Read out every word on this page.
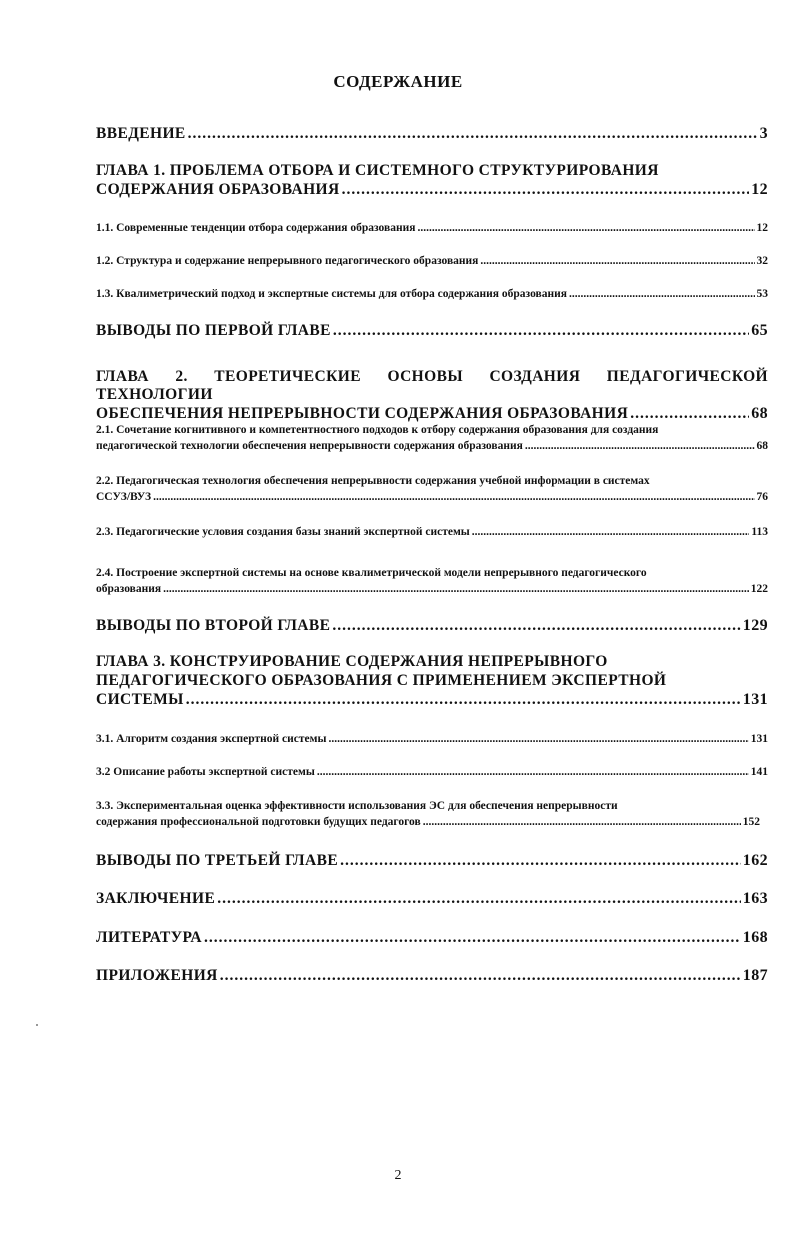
СОДЕРЖАНИЕ
ВВЕДЕНИЕ .....	3
ГЛАВА 1. ПРОБЛЕМА ОТБОРА И СИСТЕМНОГО СТРУКТУРИРОВАНИЯ
СОДЕРЖАНИЯ ОБРАЗОВАНИЯ .....	12
1.1. Современные тенденции отбора содержания образования .....	12
1.2. Структура и содержание непрерывного педагогического образования .....	32
1.3. Квалиметрический подход и экспертные системы для отбора содержания образования .....	53
ВЫВОДЫ ПО ПЕРВОЙ ГЛАВЕ .....	65
ГЛАВА 2. ТЕОРЕТИЧЕСКИЕ ОСНОВЫ СОЗДАНИЯ ПЕДАГОГИЧЕСКОЙ ТЕХНОЛОГИИ
ОБЕСПЕЧЕНИЯ НЕПРЕРЫВНОСТИ СОДЕРЖАНИЯ ОБРАЗОВАНИЯ .....	68
2.1. Сочетание когнитивного и компетентностного подходов к отбору содержания образования для создания
педагогической технологии обеспечения непрерывности содержания образования .....	68
2.2. Педагогическая технология обеспечения непрерывности содержания учебной информации в системах
ССУЗ/ВУЗ .....	76
2.3. Педагогические условия создания базы знаний экспертной системы .....	113
2.4. Построение экспертной системы на основе квалиметрической модели непрерывного педагогического
образования .....	122
ВЫВОДЫ ПО ВТОРОЙ ГЛАВЕ .....	129
ГЛАВА 3. КОНСТРУИРОВАНИЕ СОДЕРЖАНИЯ НЕПРЕРЫВНОГО
ПЕДАГОГИЧЕСКОГО ОБРАЗОВАНИЯ С ПРИМЕНЕНИЕМ ЭКСПЕРТНОЙ
СИСТЕМЫ .....	131
3.1. Алгоритм создания экспертной системы .....	131
3.2 Описание работы экспертной системы .....	141
3.3. Экспериментальная оценка эффективности использования ЭС для обеспечения непрерывности
содержания профессиональной подготовки будущих педагогов .....	152
ВЫВОДЫ ПО ТРЕТЬЕЙ ГЛАВЕ .....	162
ЗАКЛЮЧЕНИЕ .....	163
ЛИТЕРАТУРА .....	168
ПРИЛОЖЕНИЯ .....	187
2
